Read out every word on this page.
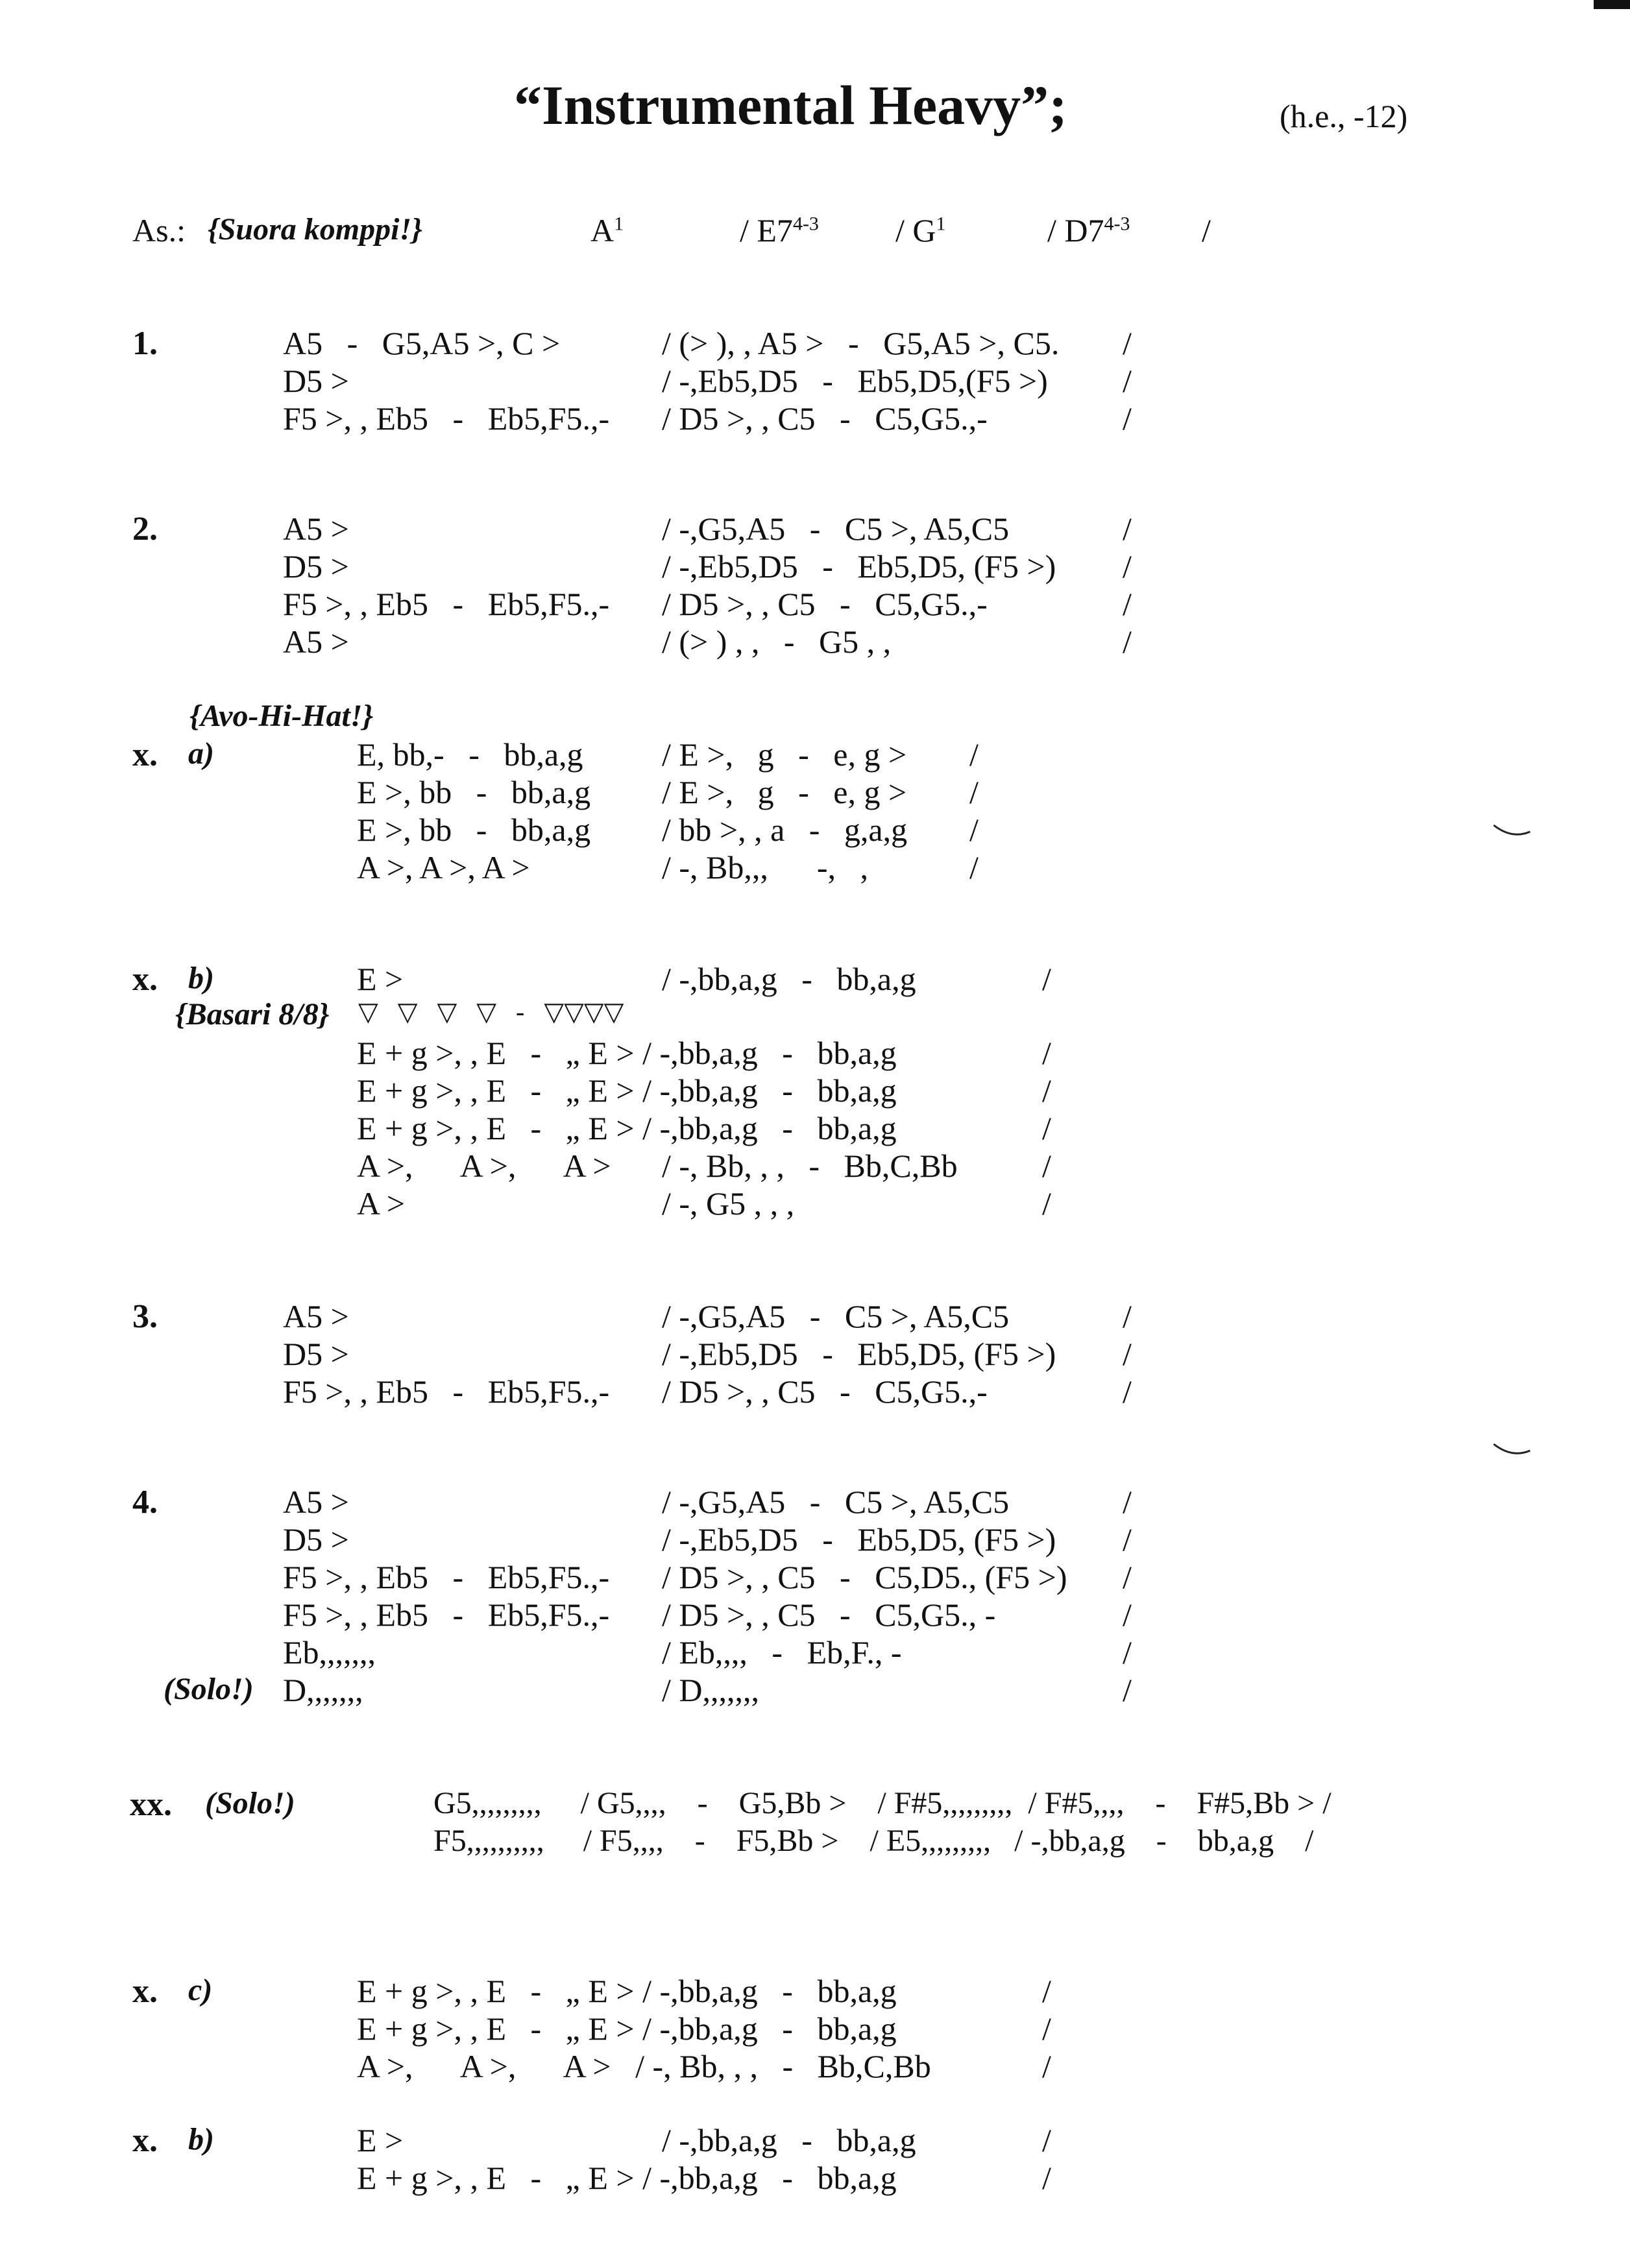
“Instrumental Heavy”;	(h.e., -12)
As.: {Suora komppi!}	$A^1$	/ $E7^{4-3} / G^1$	/ D7$^{4-3}$ /
1.	A5   -   G5,A5 >, C >	/ (> ), , A5 >   -   G5,A5 >, C5. /
D5 >	/ -,Eb5,D5   -   Eb5,D5,(F5 >) /
F5 >, , Eb5   -   Eb5,F5.,- / D5 >, , C5   -   C5,G5.,-	/
2.	A5 >	/ -,G5,A5   -   C5 >, A5,C5	/
D5 >	/ -,Eb5,D5   -   Eb5,D5, (F5 >) /
F5 >, , Eb5   -   Eb5,F5.,- / D5 >, , C5   -   C5,G5.,-	/
A5 >	/ (> ) , ,   -   G5 , ,	/
{Avo-Hi-Hat!}
x. a)	E, bb,-   -   bb,a,g / E >,   g   -   e, g > /
E >, bb   -   bb,a,g / E >,   g   -   e, g > /
E >, bb   -   bb,a,g / bb >, , a   -   g,a,g /
A >, A >, A >	/ -, Bb,,,      -,   ,	/
x. b)
{Basari 8/8} ▽   ▽   ▽   ▽   -   ▽▽▽▽
E >	/ -,bb,a,g   -   bb,a,g	/
E + g >, , E   -   „ E > / -,bb,a,g   -   bb,a,g	/
E + g >, , E   -   „ E > / -,bb,a,g   -   bb,a,g	/
E + g >, , E   -   „ E > / -,bb,a,g   -   bb,a,g	/
A >,      A >,      A > / -, Bb, , ,   -   Bb,C,Bb	/
A >	/ -, G5 , , ,	/
3.	A5 >	/ -,G5,A5   -   C5 >, A5,C5	/
D5 >	/ -,Eb5,D5   -   Eb5,D5, (F5 >) /
F5 >, , Eb5   -   Eb5,F5.,- / D5 >, , C5   -   C5,G5.,-	/
4.
(Solo!)
A5 >	/ -,G5,A5   -   C5 >, A5,C5	/
D5 >	/ -,Eb5,D5   -   Eb5,D5, (F5 >) /
F5 >, , Eb5   -   Eb5,F5.,- / D5 >, , C5   -   C5,D5., (F5 >) /
F5 >, , Eb5   -   Eb5,F5.,- / D5 >, , C5   -   C5,G5., -	/
Eb,,,,,,,	/ Eb,,,,   -   Eb,F., -	/
D,,,,,,,	/ D,,,,,,,	/
xx. (Solo!)	G5,,,,,,,,,     / G5,,,,    -    G5,Bb >    / F#5,,,,,,,,,  / F#5,,,,    -    F#5,Bb > /
F5,,,,,,,,,,     / F5,,,,    -    F5,Bb >    / E5,,,,,,,,,   / -,bb,a,g    -    bb,a,g    /
x. c)	E + g >, , E   -   „ E > / -,bb,a,g   -   bb,a,g	/
E + g >, , E   -   „ E > / -,bb,a,g   -   bb,a,g	/
A >,      A >,      A >   / -, Bb, , ,   -   Bb,C,Bb	/
x. b)	E >	/ -,bb,a,g   -   bb,a,g	/
E + g >, , E   -   „ E > / -,bb,a,g   -   bb,a,g	/
